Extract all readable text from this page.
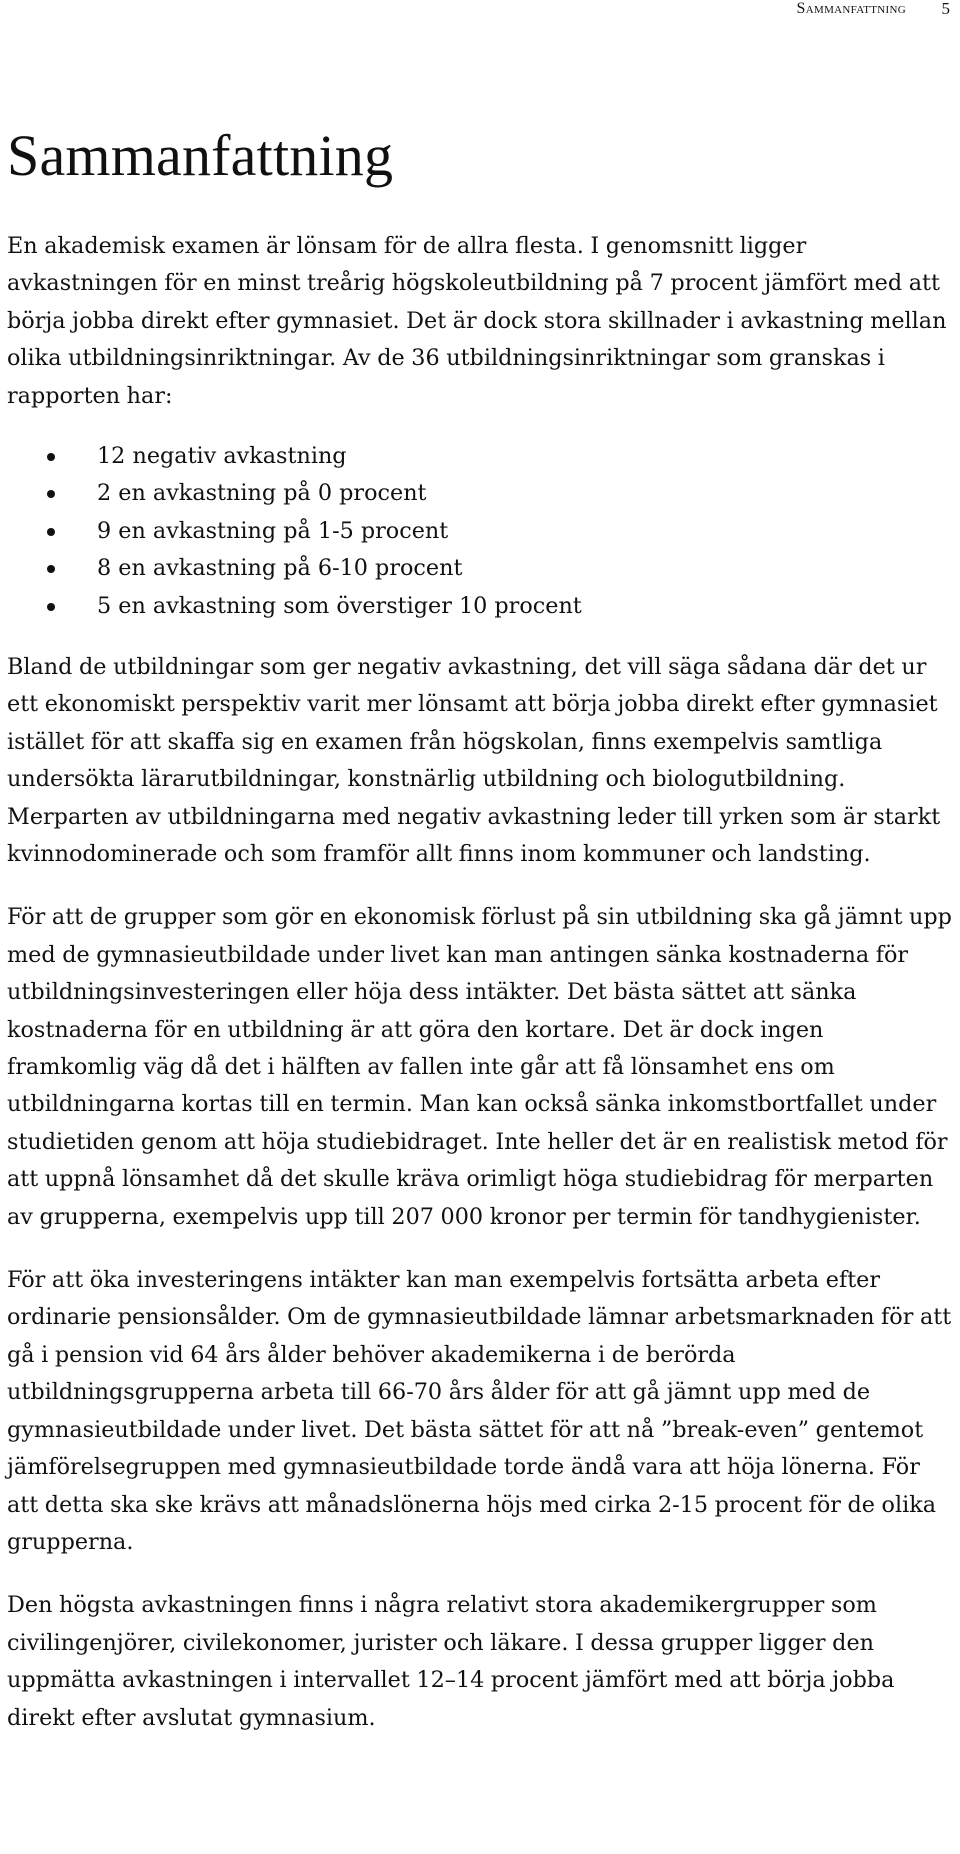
Sammanfattning 5
Sammanfattning

En akademisk examen är lönsam för de allra flesta. I genomsnitt ligger avkastningen för en minst treårig högskoleutbildning på 7 procent jämfört med att börja jobba direkt efter gymnasiet. Det är dock stora skillnader i avkastning mellan olika utbildningsinriktningar. Av de 36 utbildningsinriktningar som granskas i rapporten har:

12 negativ avkastning
2 en avkastning på 0 procent
9 en avkastning på 1-5 procent
8 en avkastning på 6-10 procent
5 en avkastning som överstiger 10 procent

Bland de utbildningar som ger negativ avkastning, det vill säga sådana där det ur ett ekonomiskt perspektiv varit mer lönsamt att börja jobba direkt efter gymnasiet istället för att skaffa sig en examen från högskolan, finns exempelvis samtliga undersökta lärarutbildningar, konstnärlig utbildning och biologutbildning. Merparten av utbildningarna med negativ avkastning leder till yrken som är starkt kvinnodominerade och som framför allt finns inom kommuner och landsting.

För att de grupper som gör en ekonomisk förlust på sin utbildning ska gå jämnt upp med de gymnasieutbildade under livet kan man antingen sänka kostnaderna för utbildningsinvesteringen eller höja dess intäkter. Det bästa sättet att sänka kostnaderna för en utbildning är att göra den kortare. Det är dock ingen framkomlig väg då det i hälften av fallen inte går att få lönsamhet ens om utbildningarna kortas till en termin. Man kan också sänka inkomstbortfallet under studietiden genom att höja studiebidraget. Inte heller det är en realistisk metod för att uppnå lönsamhet då det skulle kräva orimligt höga studiebidrag för merparten av grupperna, exempelvis upp till 207 000 kronor per termin för tandhygienister.

För att öka investeringens intäkter kan man exempelvis fortsätta arbeta efter ordinarie pensionsålder. Om de gymnasieutbildade lämnar arbetsmarknaden för att gå i pension vid 64 års ålder behöver akademikerna i de berörda utbildningsgrupperna arbeta till 66-70 års ålder för att gå jämnt upp med de gymnasieutbildade under livet. Det bästa sättet för att nå ”break-even” gentemot jämförelsegruppen med gymnasieutbildade torde ändå vara att höja lönerna. För att detta ska ske krävs att månadslönerna höjs med cirka 2-15 procent för de olika grupperna.

Den högsta avkastningen finns i några relativt stora akademikergrupper som civilingenjörer, civilekonomer, jurister och läkare. I dessa grupper ligger den uppmätta avkastningen i intervallet 12–14 procent jämfört med att börja jobba direkt efter avslutat gymnasium.
